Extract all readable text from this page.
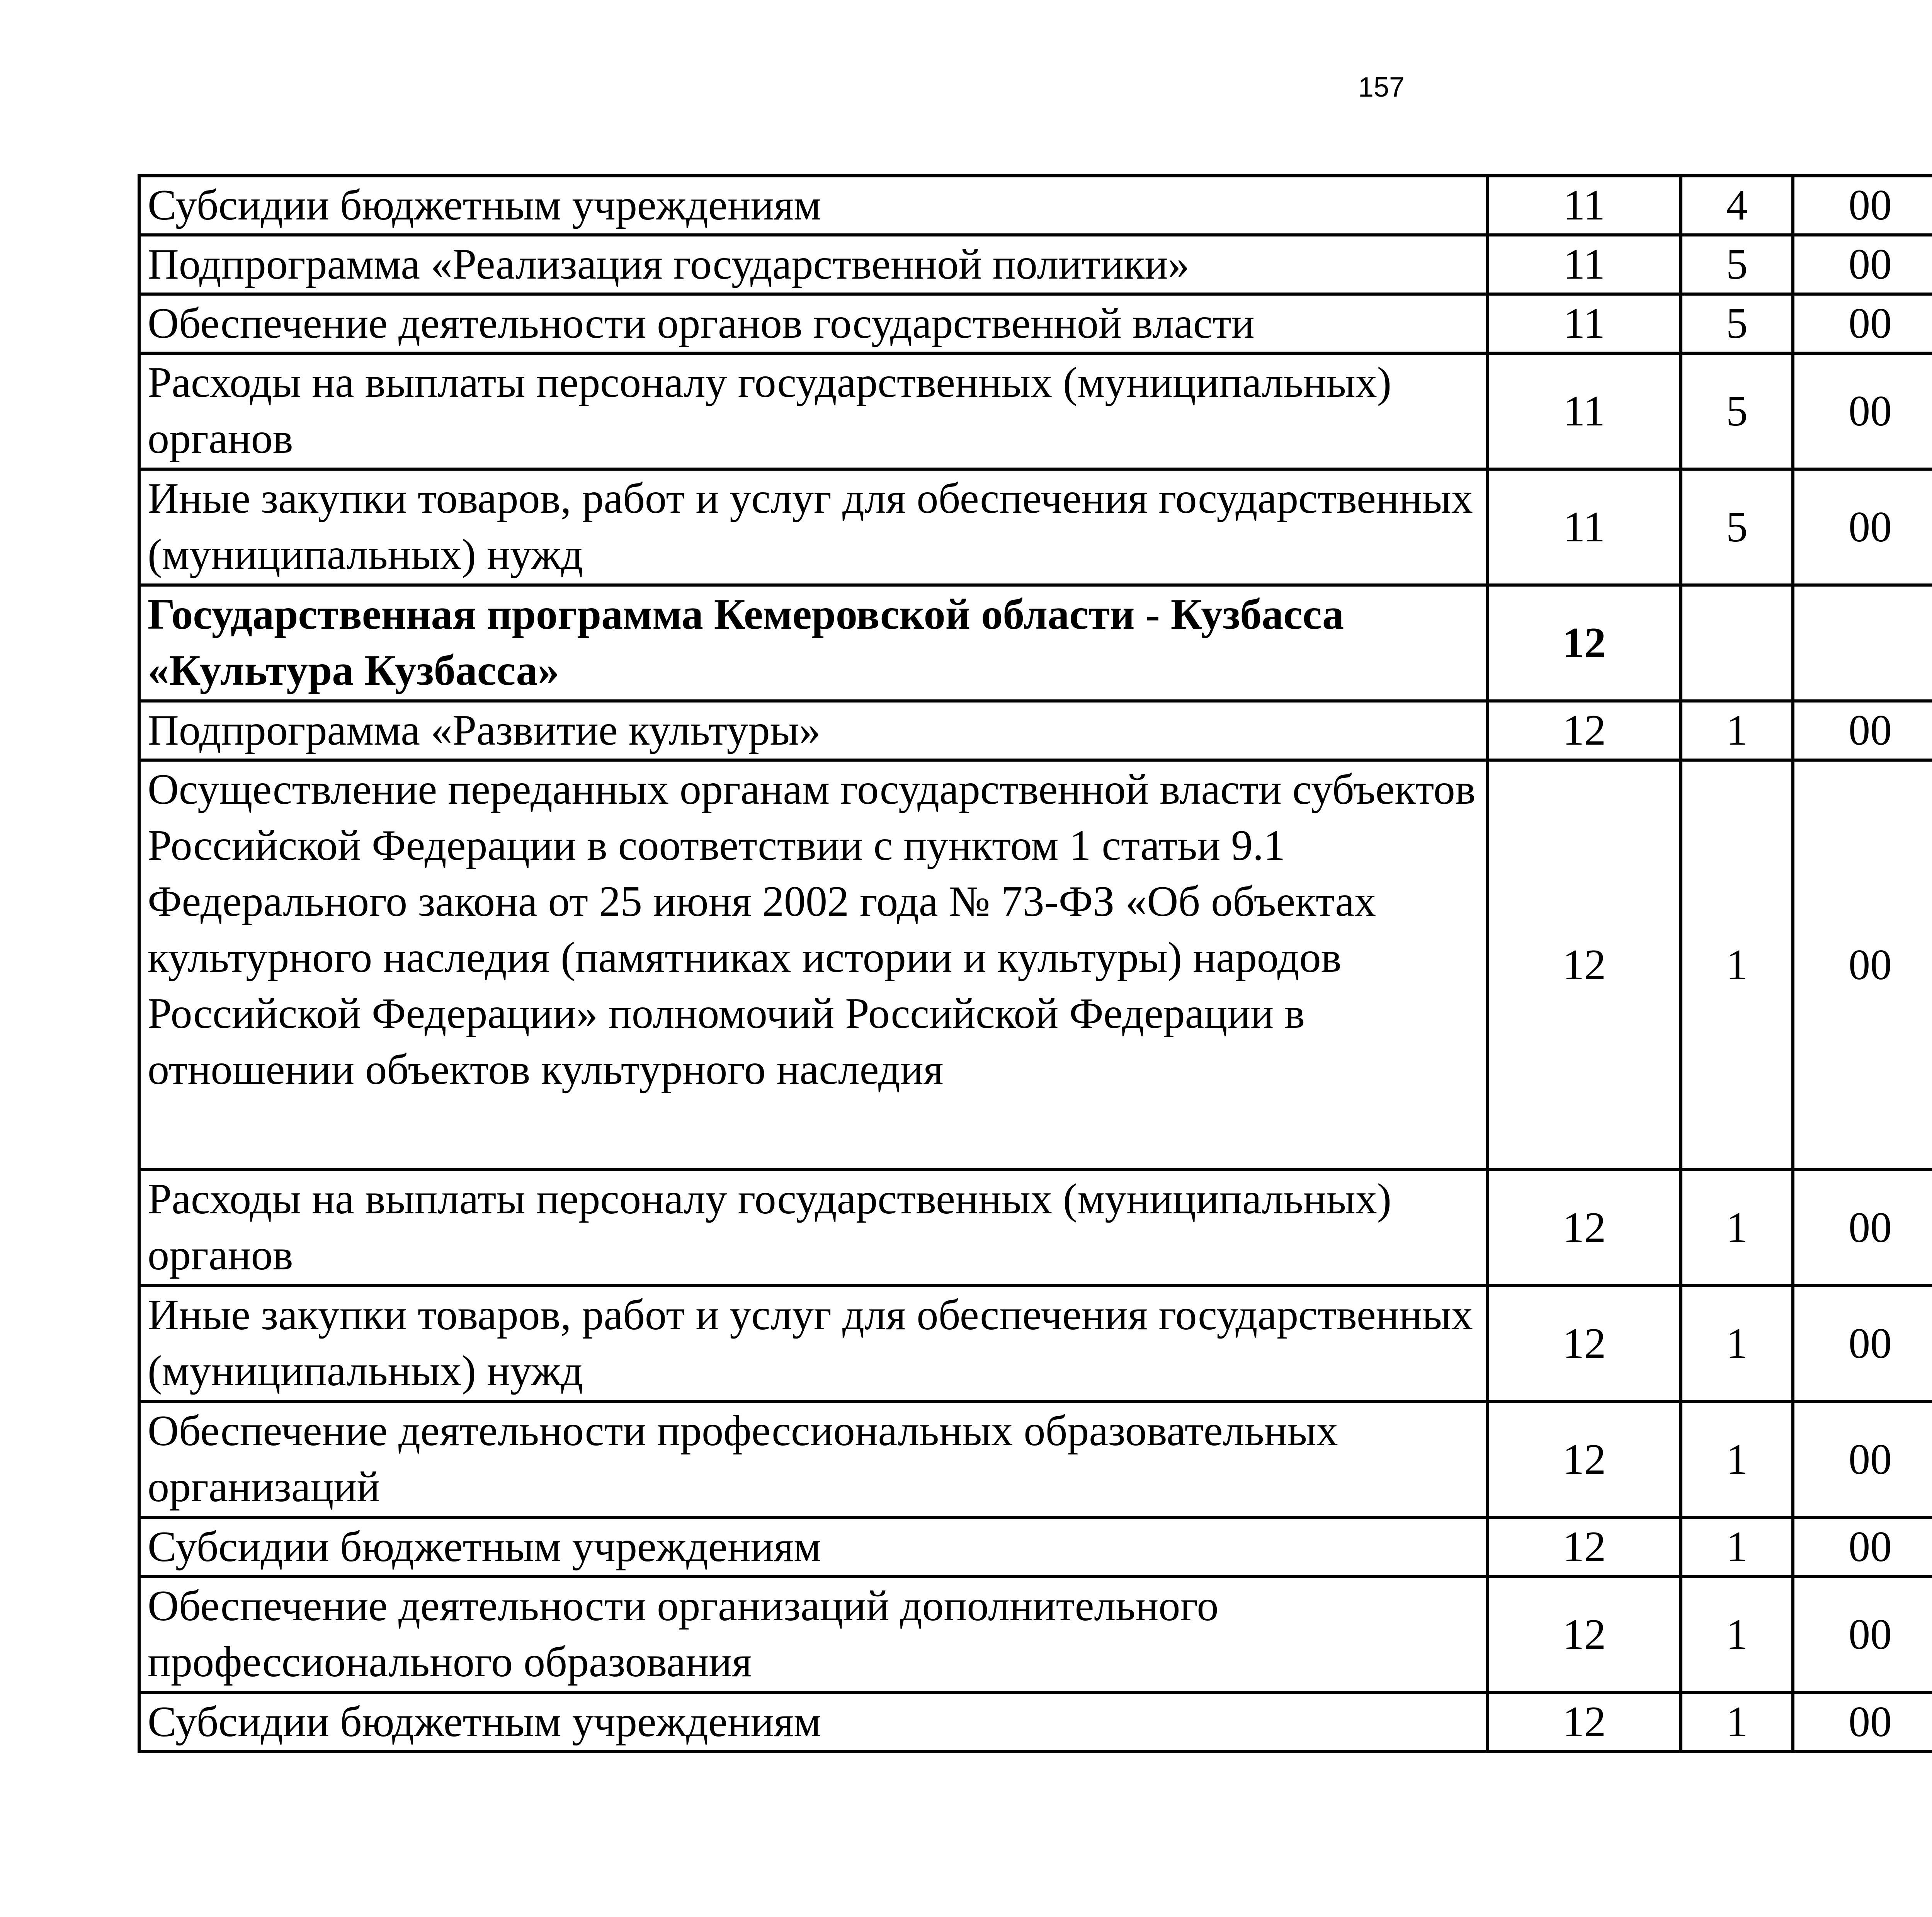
157
Субсидии бюджетным учреждениям	11	4	00			
Подпрограмма «Реализация государственной политики»	11	5	00			
Обеспечение деятельности органов государственной власти	11	5	00			
Расходы на выплаты персоналу государственных (муниципальных) органов	11	5	00			
Иные закупки товаров, работ и услуг для обеспечения государственных (муниципальных) нужд	11	5	00			
Государственная программа Кемеровской области - Кузбасса «Культура Кузбасса»	12					
Подпрограмма «Развитие культуры»	12	1	00			
Осуществление переданных органам государственной власти субъектов Российской Федерации в соответствии с пунктом 1 статьи 9.1 Федерального закона от 25 июня 2002 года № 73-ФЗ «Об объектах культурного наследия (памятниках истории и культуры) народов Российской Федерации» полномочий Российской Федерации в отношении объектов культурного наследия	12	1	00			
Расходы на выплаты персоналу государственных (муниципальных) органов	12	1	00			
Иные закупки товаров, работ и услуг для обеспечения государственных (муниципальных) нужд	12	1	00			
Обеспечение деятельности профессиональных образовательных организаций	12	1	00			
Субсидии бюджетным учреждениям	12	1	00			
Обеспечение деятельности организаций дополнительного профессионального образования	12	1	00			
Субсидии бюджетным учреждениям	12	1	00			
